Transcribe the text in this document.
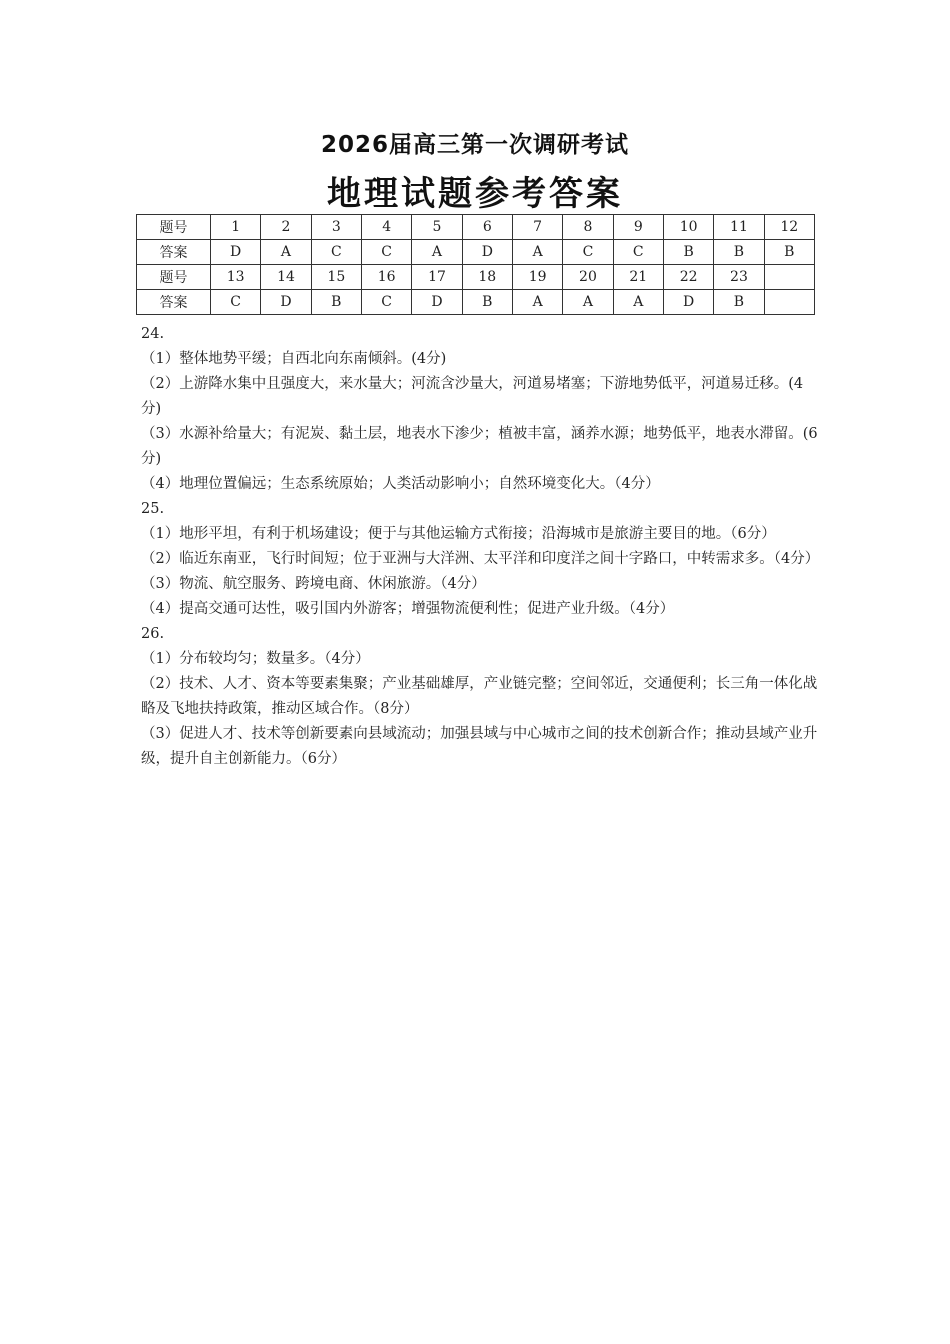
2026届高三第一次调研考试
地理试题参考答案
题号	1	2	3	4	5	6	7	8	9	10	11	12
答案	D	A	C	C	A	D	A	C	C	B	B	B
题号	13	14	15	16	17	18	19	20	21	22	23	
答案	C	D	B	C	D	B	A	A	A	D	B	

24.

（1）整体地势平缓；自西北向东南倾斜。(4分)

（2）上游降水集中且强度大，来水量大；河流含沙量大，河道易堵塞；下游地势低平，河道易迁移。(4分)

（3）水源补给量大；有泥炭、黏土层，地表水下渗少；植被丰富，涵养水源；地势低平，地表水滞留。(6分)

（4）地理位置偏远；生态系统原始；人类活动影响小；自然环境变化大。（4分）

25.

（1）地形平坦，有利于机场建设；便于与其他运输方式衔接；沿海城市是旅游主要目的地。（6分）

（2）临近东南亚，飞行时间短；位于亚洲与大洋洲、太平洋和印度洋之间十字路口，中转需求多。（4分）

（3）物流、航空服务、跨境电商、休闲旅游。（4分）

（4）提高交通可达性，吸引国内外游客；增强物流便利性；促进产业升级。（4分）

26.

（1）分布较均匀；数量多。（4分）

（2）技术、人才、资本等要素集聚；产业基础雄厚，产业链完整；空间邻近，交通便利；长三角一体化战略及飞地扶持政策，推动区域合作。（8分）

（3）促进人才、技术等创新要素向县域流动；加强县域与中心城市之间的技术创新合作；推动县域产业升级，提升自主创新能力。（6分）
